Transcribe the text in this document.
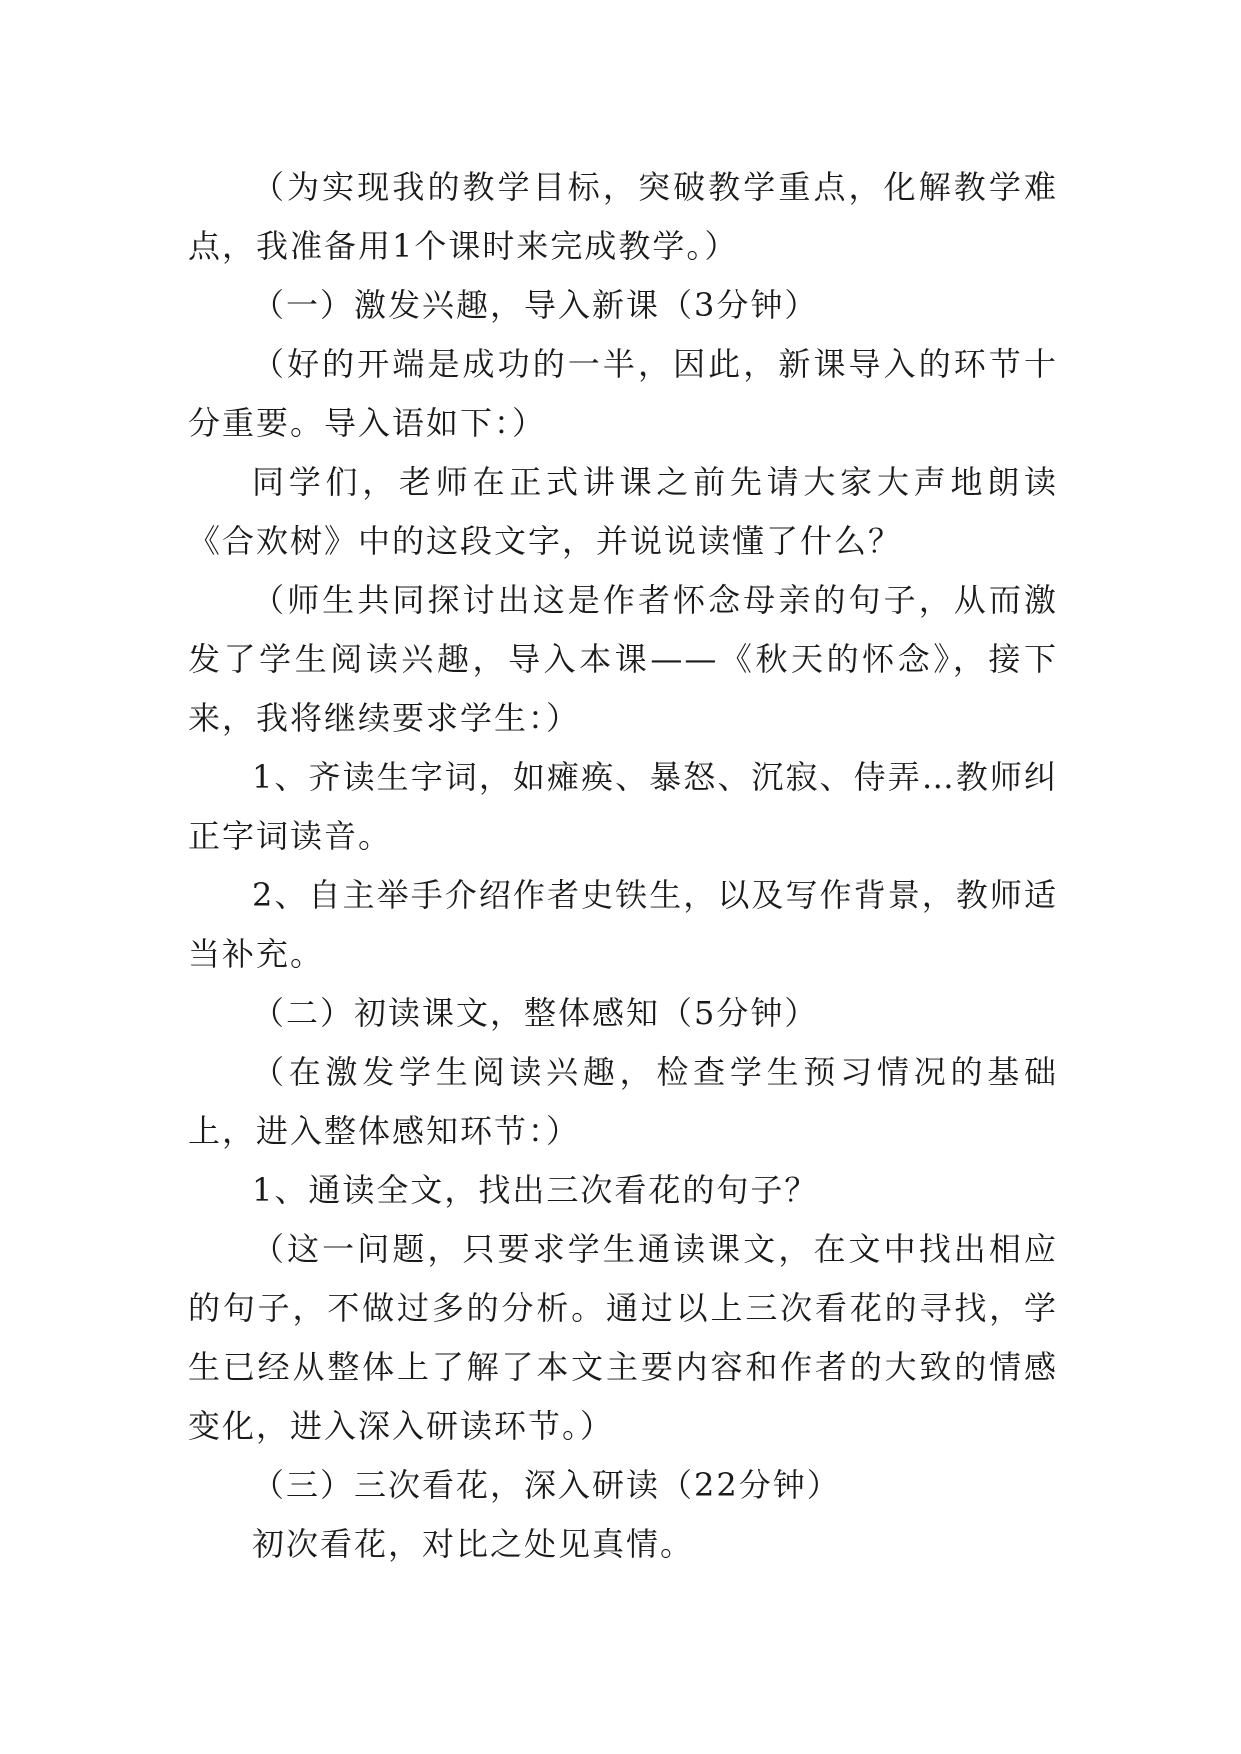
（为实现我的教学目标，突破教学重点，化解教学难点，我准备用1个课时来完成教学。）

（一）激发兴趣，导入新课（3分钟）

（好的开端是成功的一半，因此，新课导入的环节十分重要。导入语如下：）

同学们，老师在正式讲课之前先请大家大声地朗读《合欢树》中的这段文字，并说说读懂了什么？

（师生共同探讨出这是作者怀念母亲的句子，从而激发了学生阅读兴趣，导入本课——《秋天的怀念》，接下来，我将继续要求学生：）

1、齐读生字词，如瘫痪、暴怒、沉寂、侍弄…教师纠正字词读音。

2、自主举手介绍作者史铁生，以及写作背景，教师适当补充。

（二）初读课文，整体感知（5分钟）

（在激发学生阅读兴趣，检查学生预习情况的基础上，进入整体感知环节：）

1、通读全文，找出三次看花的句子？

（这一问题，只要求学生通读课文，在文中找出相应的句子，不做过多的分析。通过以上三次看花的寻找，学生已经从整体上了解了本文主要内容和作者的大致的情感变化，进入深入研读环节。）

（三）三次看花，深入研读（22分钟）

初次看花，对比之处见真情。
